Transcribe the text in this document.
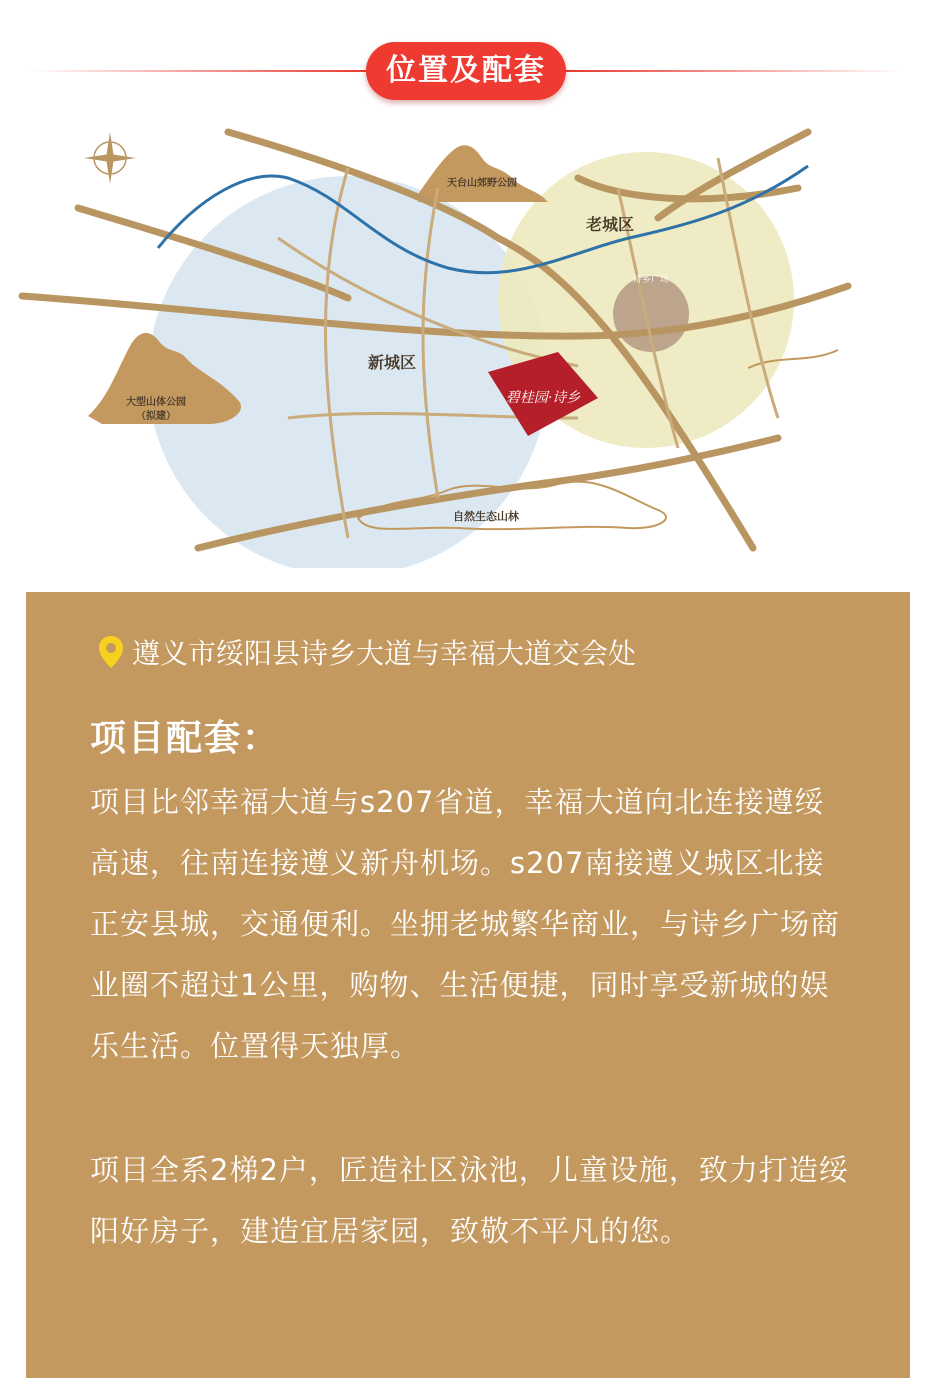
位置及配套
碧桂园·诗乡
新城区
老城区
大型山体公园
（拟建）
天台山郊野公园
自然生态山林
诗乡广场
遵义市绥阳县诗乡大道与幸福大道交会处
项目配套：
项目比邻幸福大道与s207省道，幸福大道向北连接遵绥高速，往南连接遵义新舟机场。s207南接遵义城区北接正安县城，交通便利。坐拥老城繁华商业，与诗乡广场商业圈不超过1公里，购物、生活便捷，同时享受新城的娱乐生活。位置得天独厚。
项目全系2梯2户，匠造社区泳池，儿童设施，致力打造绥阳好房子，建造宜居家园，致敬不平凡的您。
